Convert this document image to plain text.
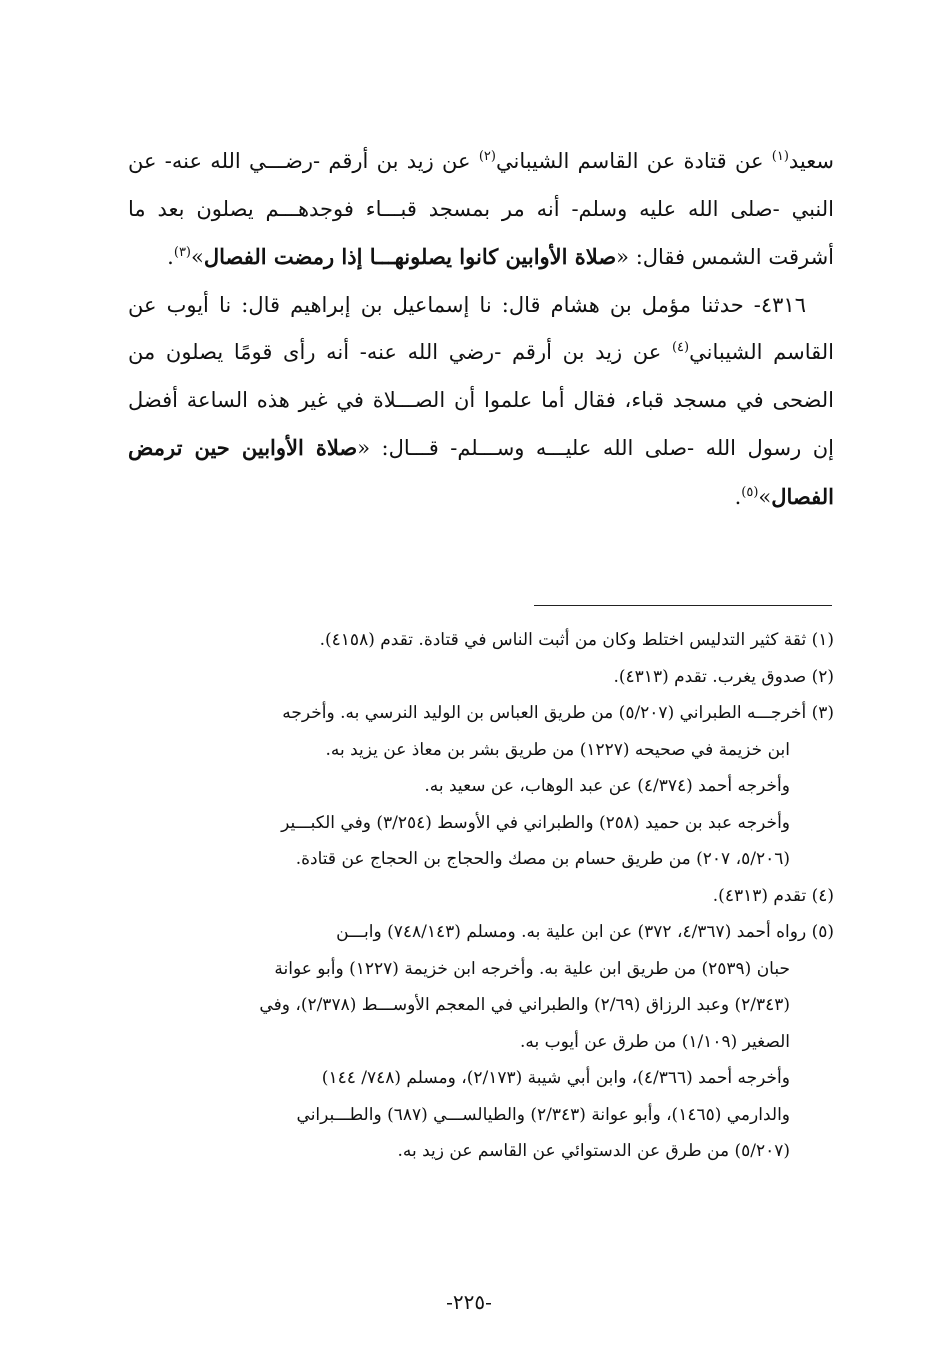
سعيد$^{(١)}$ عن قتادة عن القاسم الشيباني$^{(٢)}$ عن زيد بن أرقم -رضـــي الله عنه- عن النبي -صلى الله عليه وسلم- أنه مر بمسجد قبـــاء فوجدهـــم يصلون بعد ما أشرقت الشمس فقال: «صلاة الأوابين كانوا يصلونهـــا إذا رمضت الفصال»$^{(٣)}$.

٤٣١٦- حدثنا مؤمل بن هشام قال: نا إسماعيل بن إبراهيم قال: نا أيوب عن القاسم الشيباني$^{(٤)}$ عن زيد بن أرقم -رضي الله عنه- أنه رأى قومًا يصلون من الضحى في مسجد قباء، فقال أما علموا أن الصـــلاة في غير هذه الساعة أفضل إن رسول الله -صلى الله عليـــه وســـلم- قـــال: «صلاة الأوابين حين ترمض الفصال»$^{(٥)}$.

(١) ثقة كثير التدليس اختلط وكان من أثبت الناس في قتادة. تقدم (٤١٥٨).
(٢) صدوق يغرب. تقدم (٤٣١٣).
(٣) أخرجـــه الطبراني (٥/٢٠٧) من طريق العباس بن الوليد النرسي به. وأخرجه
ابن خزيمة في صحيحه (١٢٢٧) من طريق بشر بن معاذ عن يزيد به.
وأخرجه أحمد (٤/٣٧٤) عن عبد الوهاب، عن سعيد به.
وأخرجه عبد بن حميد (٢٥٨) والطبراني في الأوسط (٣/٢٥٤) وفي الكبـــير
(٥/٢٠٦، ٢٠٧) من طريق حسام بن مصك والحجاج بن الحجاج عن قتادة.
(٤) تقدم (٤٣١٣).
(٥) رواه أحمد (٤/٣٦٧، ٣٧٢) عن ابن علية به. ومسلم (٧٤٨/١٤٣) وابـــن
حبان (٢٥٣٩) من طريق ابن علية به. وأخرجه ابن خزيمة (١٢٢٧) وأبو عوانة
(٢/٣٤٣) وعبد الرزاق (٢/٦٩) والطبراني في المعجم الأوســـط (٢/٣٧٨)، وفي
الصغير (١/١٠٩) من طرق عن أيوب به.
وأخرجه أحمد (٤/٣٦٦)، وابن أبي شيبة (٢/١٧٣)، ومسلم (٧٤٨/ ١٤٤)
والدارمي (١٤٦٥)، وأبو عوانة (٢/٣٤٣) والطيالســـي (٦٨٧) والطـــبراني
(٥/٢٠٧) من طرق عن الدستوائي عن القاسم عن زيد به.
-٢٢٥-
